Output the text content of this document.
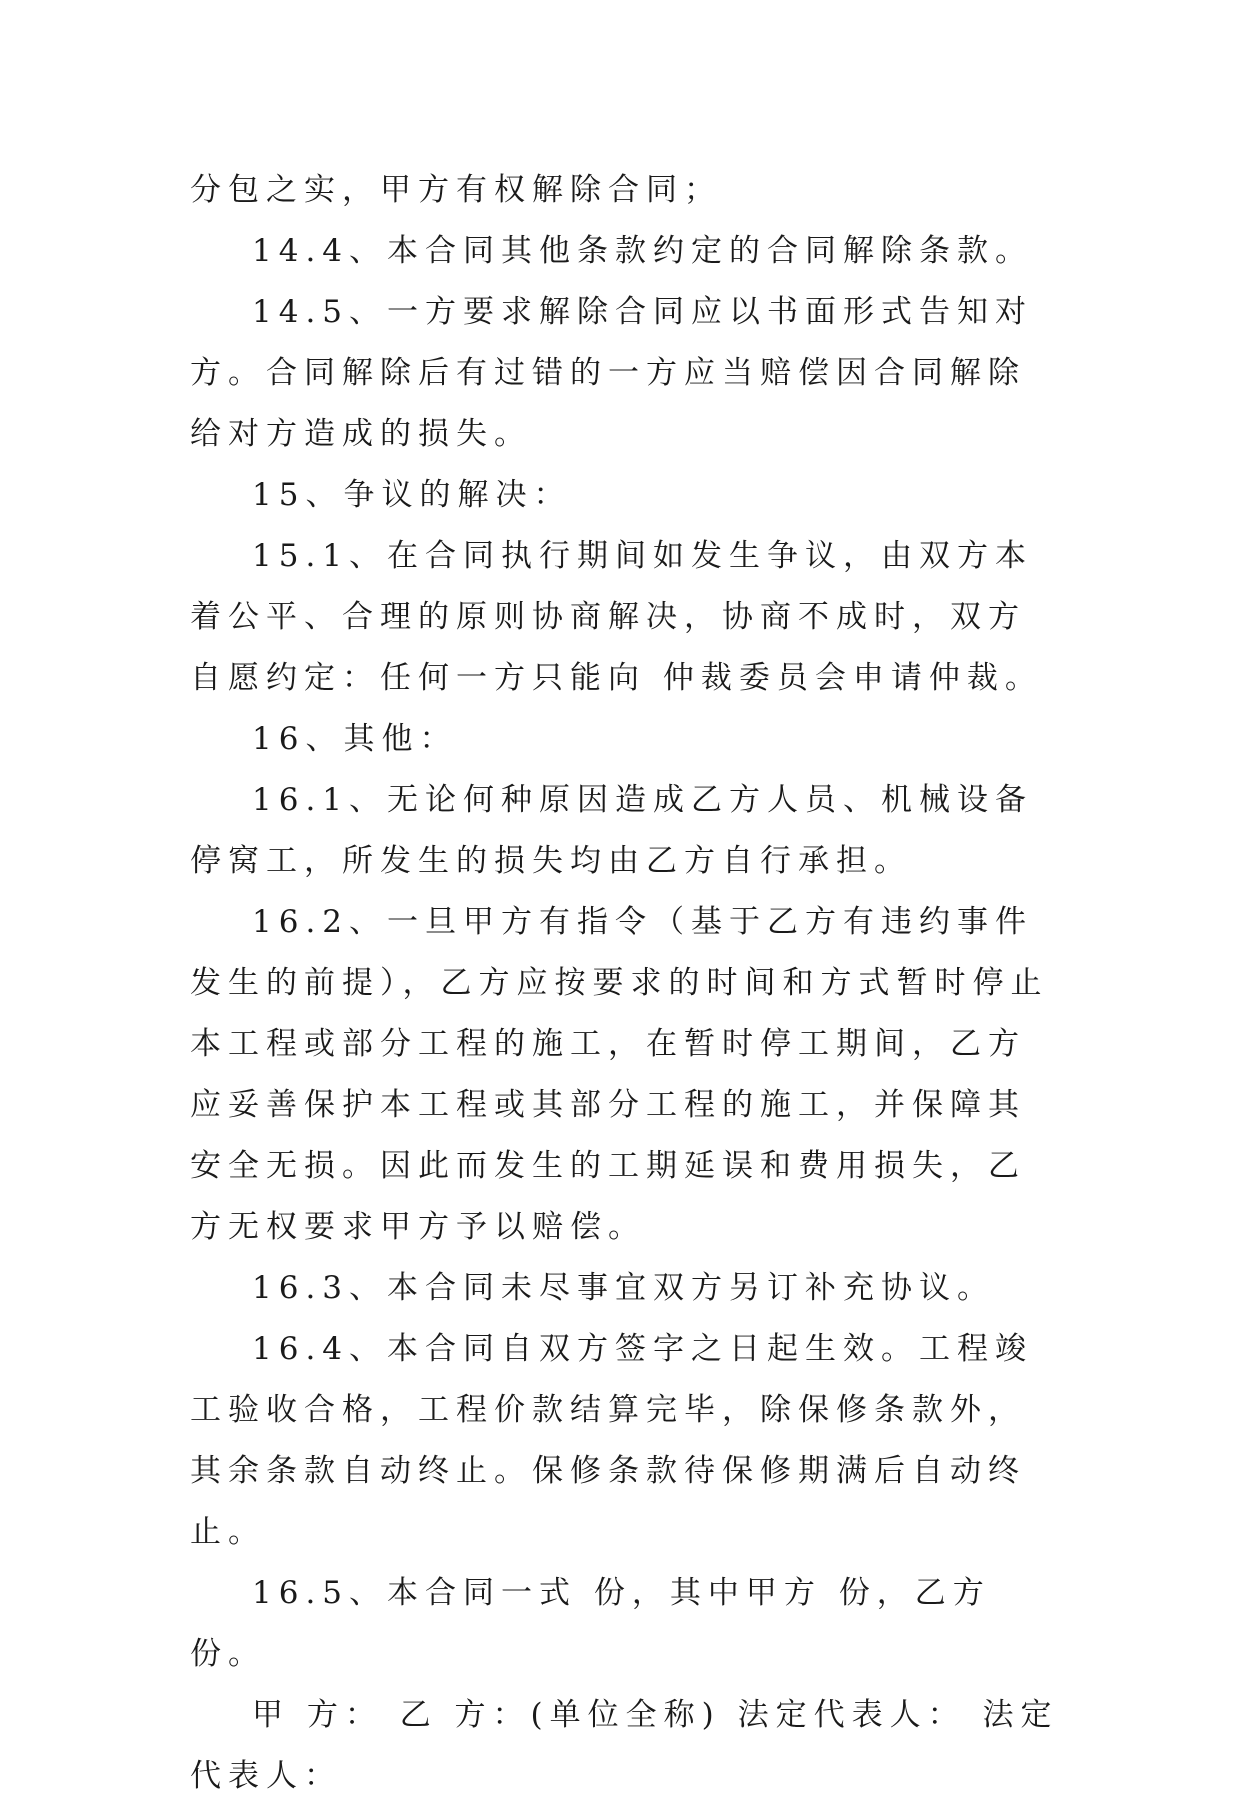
分包之实，甲方有权解除合同；

14.4、本合同其他条款约定的合同解除条款。

14.5、一方要求解除合同应以书面形式告知对方。合同解除后有过错的一方应当赔偿因合同解除给对方造成的损失。

15、争议的解决：

15.1、在合同执行期间如发生争议，由双方本着公平、合理的原则协商解决，协商不成时，双方自愿约定：任何一方只能向 仲裁委员会申请仲裁。

16、其他：

16.1、无论何种原因造成乙方人员、机械设备停窝工，所发生的损失均由乙方自行承担。

16.2、一旦甲方有指令（基于乙方有违约事件发生的前提），乙方应按要求的时间和方式暂时停止本工程或部分工程的施工，在暂时停工期间，乙方应妥善保护本工程或其部分工程的施工，并保障其安全无损。因此而发生的工期延误和费用损失，乙方无权要求甲方予以赔偿。

16.3、本合同未尽事宜双方另订补充协议。

16.4、本合同自双方签字之日起生效。工程竣工验收合格，工程价款结算完毕，除保修条款外，其余条款自动终止。保修条款待保修期满后自动终止。

16.5、本合同一式 份，其中甲方 份，乙方 份。

甲 方： 乙 方：(单位全称) 法定代表人： 法定代表人：
